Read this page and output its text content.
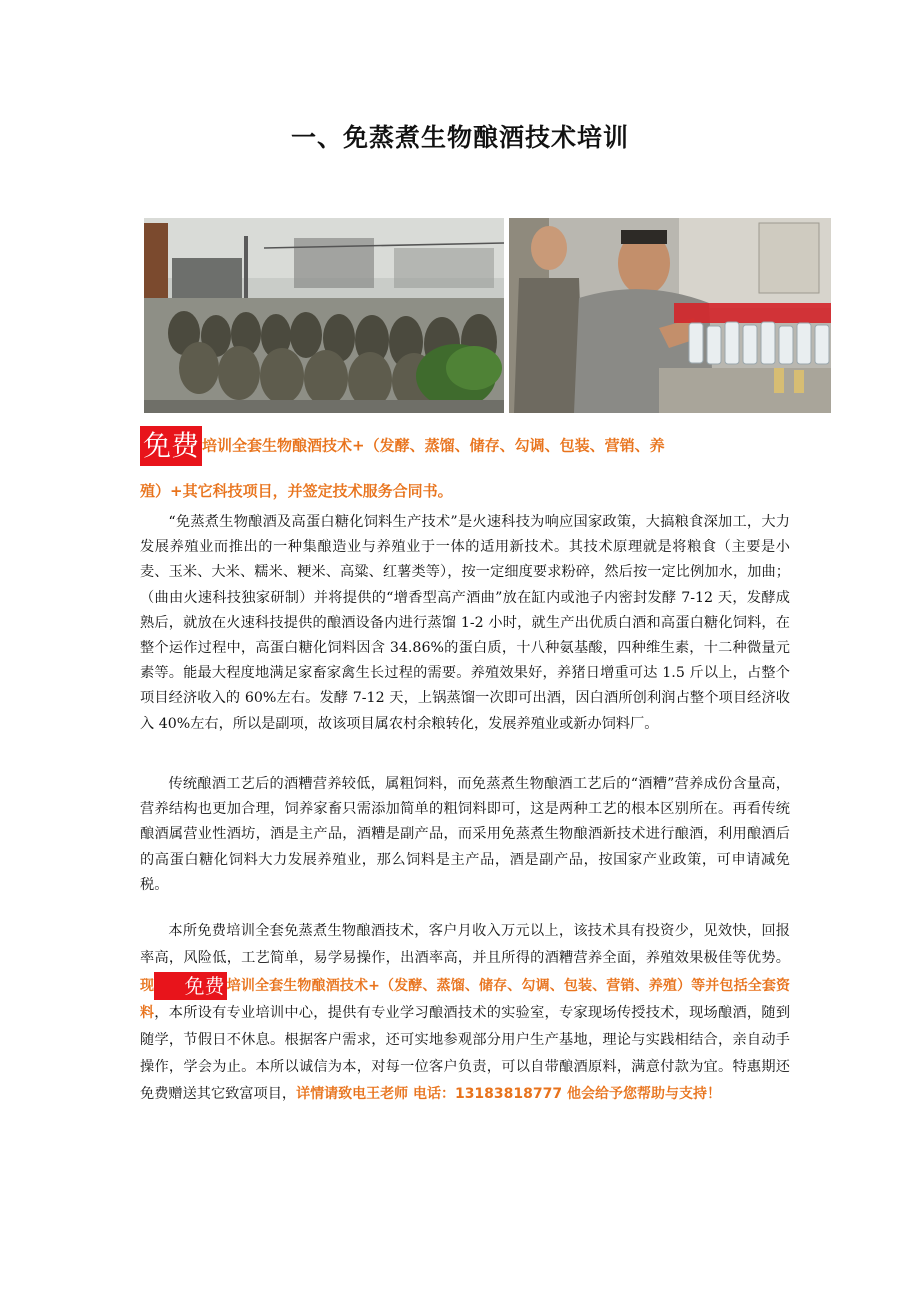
一、免蒸煮生物酿酒技术培训
免费 培训全套生物酿酒技术+（发酵、蒸馏、储存、勾调、包装、营销、养
殖）+其它科技项目，并签定技术服务合同书。

“免蒸煮生物酿酒及高蛋白糖化饲料生产技术”是火速科技为响应国家政策，大搞粮食深加工，大力发展养殖业而推出的一种集酿造业与养殖业于一体的适用新技术。其技术原理就是将粮食（主要是小麦、玉米、大米、糯米、粳米、高粱、红薯类等），按一定细度要求粉碎，然后按一定比例加水，加曲；（曲由火速科技独家研制）并将提供的“增香型高产酒曲”放在缸内或池子内密封发酵 7-12 天，发酵成熟后，就放在火速科技提供的酿酒设备内进行蒸馏 1-2 小时，就生产出优质白酒和高蛋白糖化饲料，在整个运作过程中，高蛋白糖化饲料因含 34.86%的蛋白质，十八种氨基酸，四种维生素，十二种微量元素等。能最大程度地满足家畜家禽生长过程的需要。养殖效果好，养猪日增重可达 1.5 斤以上，占整个项目经济收入的 60%左右。发酵 7-12 天，上锅蒸馏一次即可出酒，因白酒所创利润占整个项目经济收入 40%左右，所以是副项，故该项目属农村余粮转化，发展养殖业或新办饲料厂。

传统酿酒工艺后的酒糟营养较低，属粗饲料，而免蒸煮生物酿酒工艺后的“酒糟”营养成份含量高，营养结构也更加合理，饲养家畜只需添加简单的粗饲料即可，这是两种工艺的根本区别所在。再看传统酿酒属营业性酒坊，酒是主产品，酒糟是副产品，而采用免蒸煮生物酿酒新技术进行酿酒，利用酿酒后的高蛋白糖化饲料大力发展养殖业，那么饲料是主产品，酒是副产品，按国家产业政策，可申请减免税。

本所免费培训全套免蒸煮生物酿酒技术，客户月收入万元以上，该技术具有投资少，见效快，回报率高，风险低，工艺简单，易学易操作，出酒率高，并且所得的酒糟营养全面，养殖效果极佳等优势。现 免费 培训全套生物酿酒技术+（发酵、蒸馏、储存、勾调、包装、营销、养殖）等并包括全套资料，本所设有专业培训中心，提供有专业学习酿酒技术的实验室，专家现场传授技术，现场酿酒，随到随学，节假日不休息。根据客户需求，还可实地参观部分用户生产基地，理论与实践相结合，亲自动手操作，学会为止。本所以诚信为本，对每一位客户负责，可以自带酿酒原料，满意付款为宜。特惠期还免费赠送其它致富项目，详情请致电王老师 电话：13183818777 他会给予您帮助与支持！
